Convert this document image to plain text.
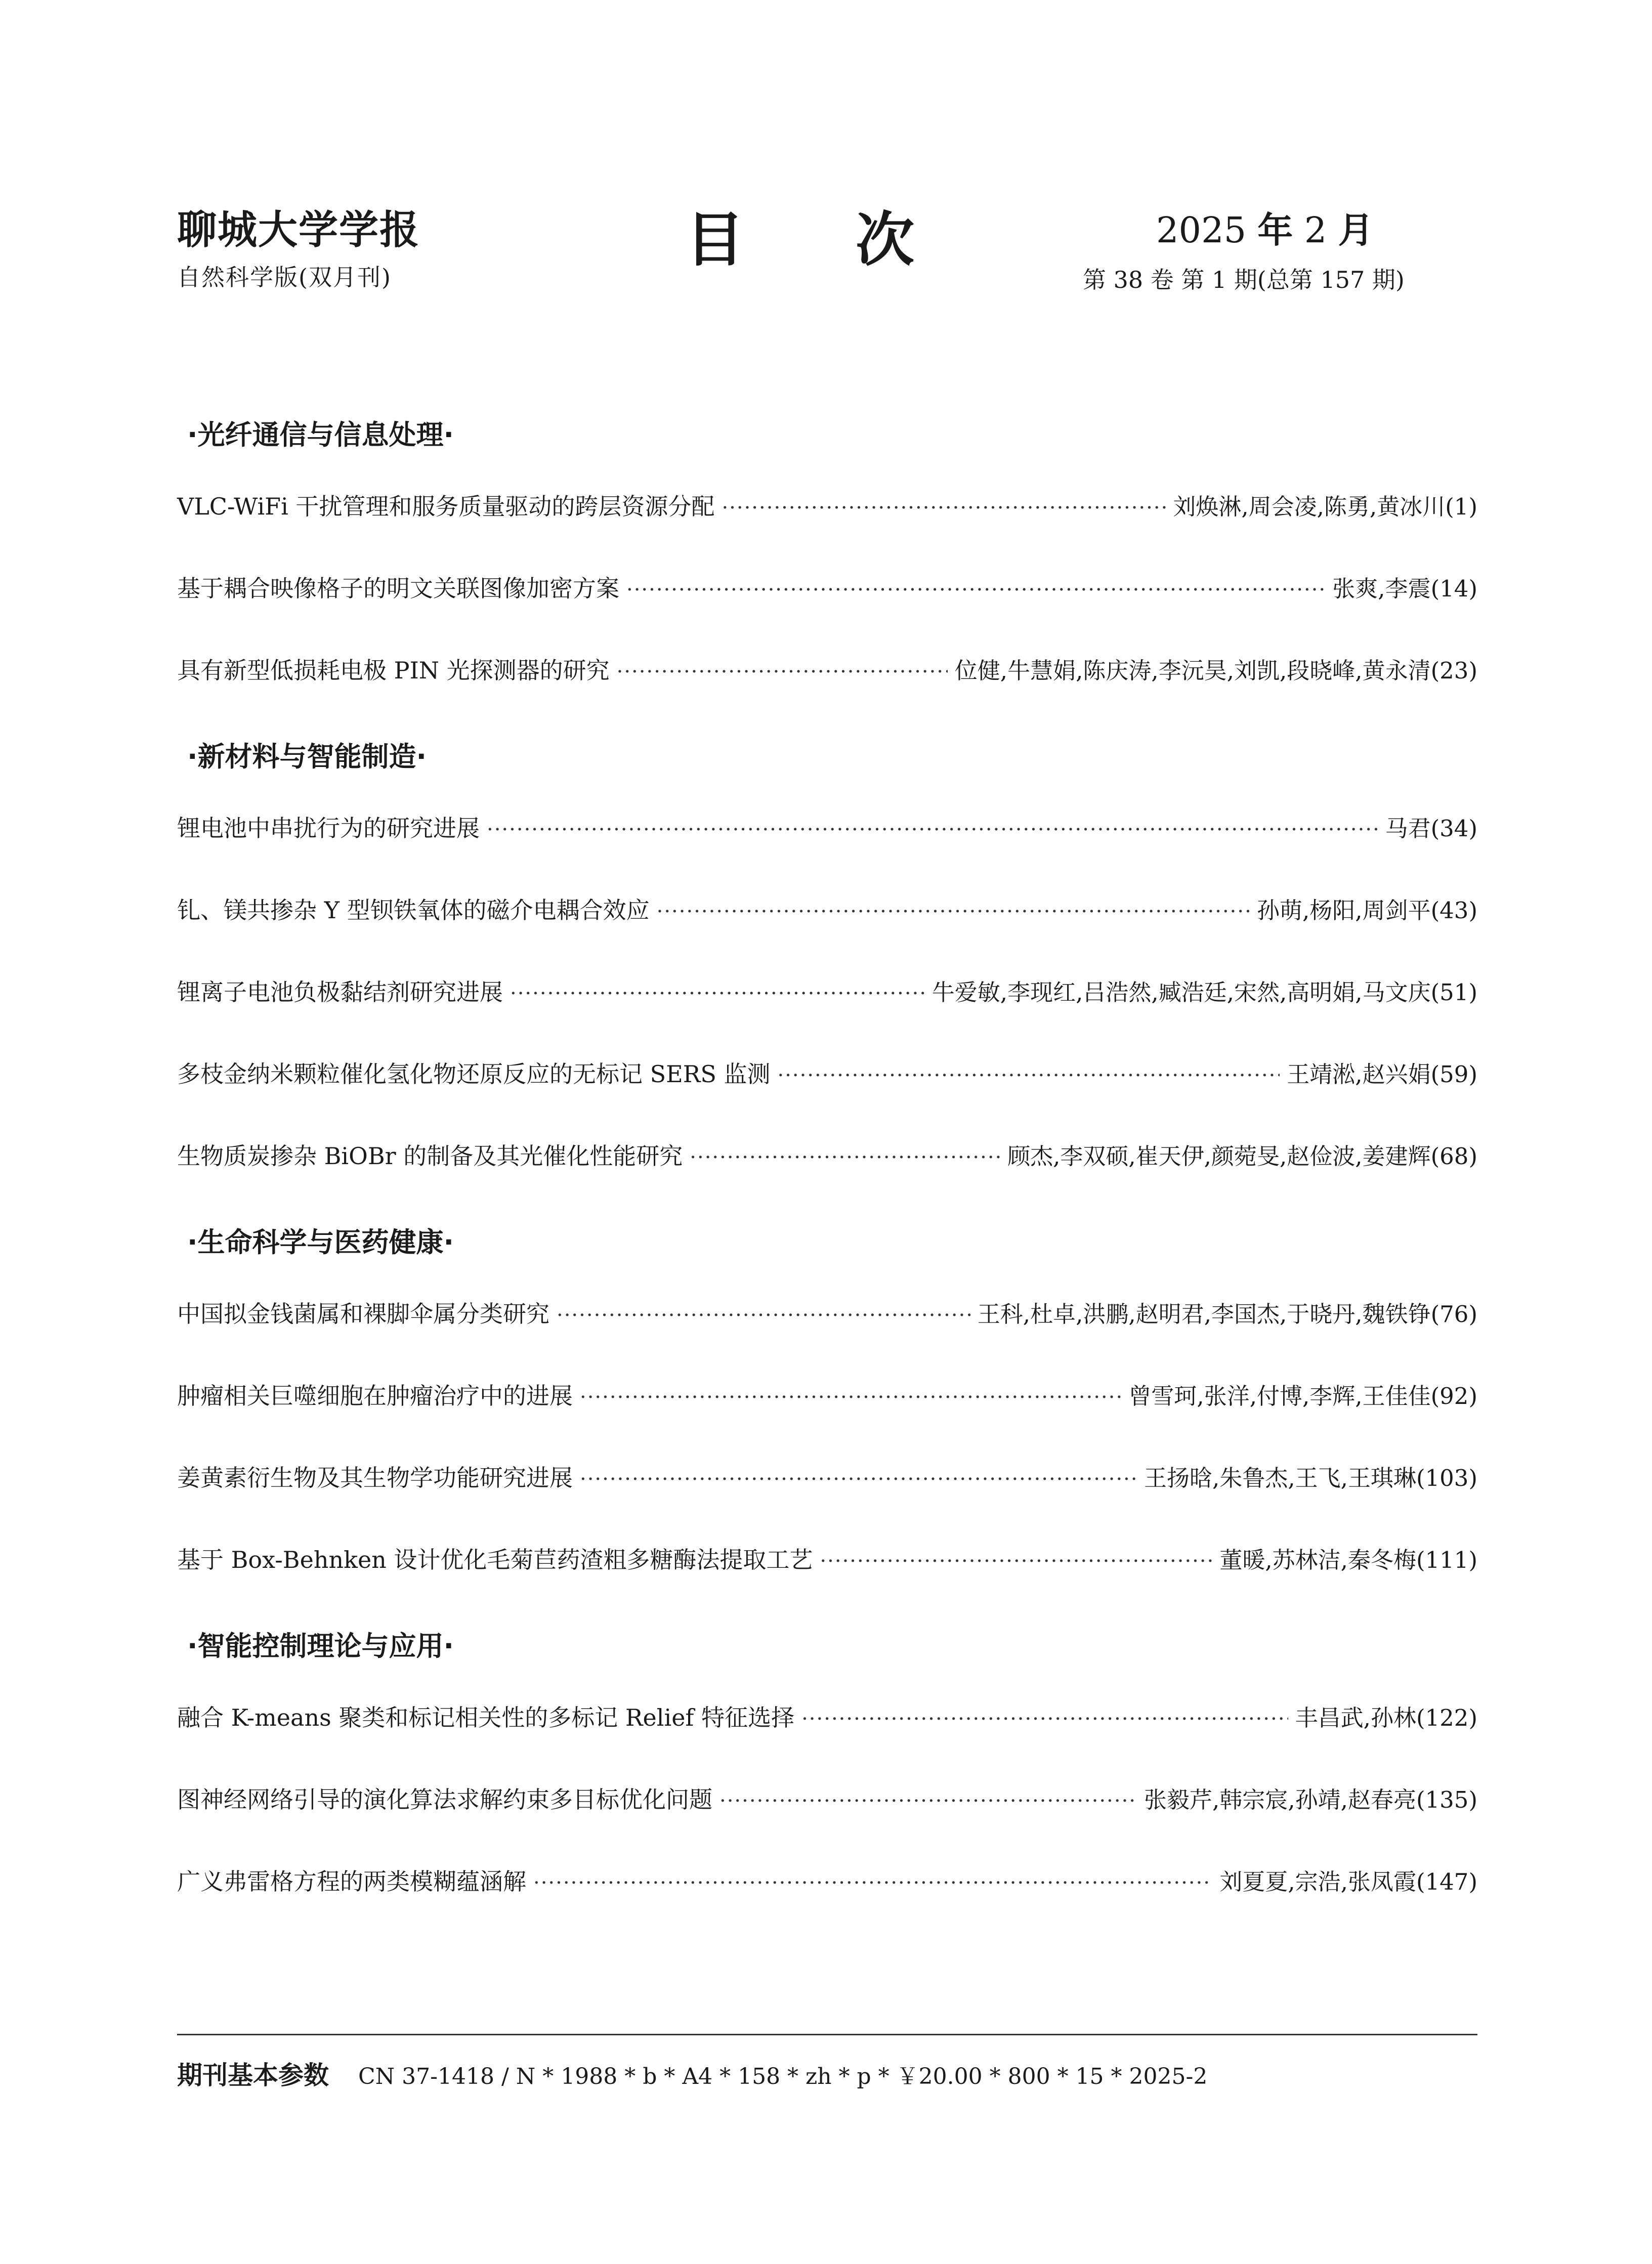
聊城大学学报
自然科学版(双月刊)
目次	2025 年 2 月
第 38 卷 第 1 期(总第 157 期)
·光纤通信与信息处理·
VLC-WiFi 干扰管理和服务质量驱动的跨层资源分配 ·····	刘焕淋,周会凌,陈勇,黄冰川 ( 1 )
基于耦合映像格子的明文关联图像加密方案 ·····	张爽,李震 ( 14 )
具有新型低损耗电极 PIN 光探测器的研究 ·····	位健,牛慧娟,陈庆涛,李沅昊,刘凯,段晓峰,黄永清 ( 23 )
·新材料与智能制造·
锂电池中串扰行为的研究进展 ·····	马君 ( 34 )
钆、镁共掺杂 Y 型钡铁氧体的磁介电耦合效应 ·····	孙萌,杨阳,周剑平 ( 43 )
锂离子电池负极黏结剂研究进展 ·····	牛爱敏,李现红,吕浩然,臧浩廷,宋然,高明娟,马文庆 ( 51 )
多枝金纳米颗粒催化氢化物还原反应的无标记 SERS 监测 ·····	王靖淞,赵兴娟 ( 59 )
生物质炭掺杂 BiOBr 的制备及其光催化性能研究 ·····	顾杰,李双硕,崔天伊,颜菀旻,赵俭波,姜建辉 ( 68 )
·生命科学与医药健康·
中国拟金钱菌属和裸脚伞属分类研究 ·····	王科,杜卓,洪鹏,赵明君,李国杰,于晓丹,魏铁铮 ( 76 )
肿瘤相关巨噬细胞在肿瘤治疗中的进展 ·····	曾雪珂,张洋,付博,李辉,王佳佳 ( 92 )
姜黄素衍生物及其生物学功能研究进展 ·····	王扬晗,朱鲁杰,王飞,王琪琳 ( 103 )
基于 Box-Behnken 设计优化毛菊苣药渣粗多糖酶法提取工艺 ·····	董暖,苏林洁,秦冬梅 ( 111 )
·智能控制理论与应用·
融合 K-means 聚类和标记相关性的多标记 Relief 特征选择 ·····	丰昌武,孙林 ( 122 )
图神经网络引导的演化算法求解约束多目标优化问题 ·····	张毅芹,韩宗宸,孙靖,赵春亮 ( 135 )
广义弗雷格方程的两类模糊蕴涵解 ·····	刘夏夏,宗浩,张凤霞 ( 147 )
期刊基本参数 CN 37-1418 / N * 1988 * b * A4 * 158 * zh * p * ￥20.00 * 800 * 15 * 2025-2
